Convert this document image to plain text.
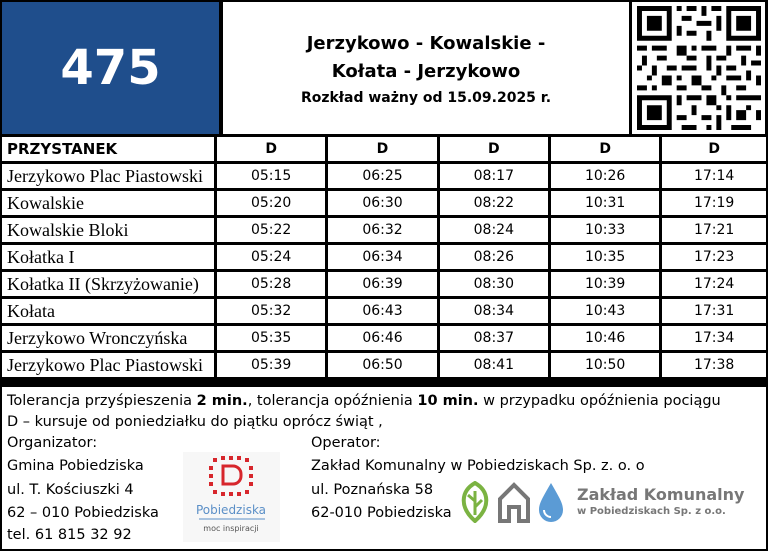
475	Jerzykowo - Kowalskie - Kołata - Jerzykowo
Rozkład ważny od 15.09.2025 r.
PRZYSTANEK	D	D	D	D	D
Jerzykowo Plac Piastowski	05:15	06:25	08:17	10:26	17:14
Kowalskie	05:20	06:30	08:22	10:31	17:19
Kowalskie Bloki	05:22	06:32	08:24	10:33	17:21
Kołatka I	05:24	06:34	08:26	10:35	17:23
Kołatka II (Skrzyżowanie)	05:28	06:39	08:30	10:39	17:24
Kołata	05:32	06:43	08:34	10:43	17:31
Jerzykowo Wronczyńska	05:35	06:46	08:37	10:46	17:34
Jerzykowo Plac Piastowski	05:39	06:50	08:41	10:50	17:38
Tolerancja przyśpieszenia 2 min., tolerancja opóźnienia 10 min. w przypadku opóźnienia pociągu
D – kursuje od poniedziałku do piątku oprócz świąt ,
Organizator:
Gmina Pobiedziska
ul. T. Kościuszki 4
62 – 010 Pobiedziska
tel. 61 815 32 92
Pobiedziska
moc inspiracji
Operator:
Zakład Komunalny w Pobiedziskach Sp. z. o. o
ul. Poznańska 58
62-010 Pobiedziska
Zakład Komunalny
w Pobiedziskach Sp. z o.o.
